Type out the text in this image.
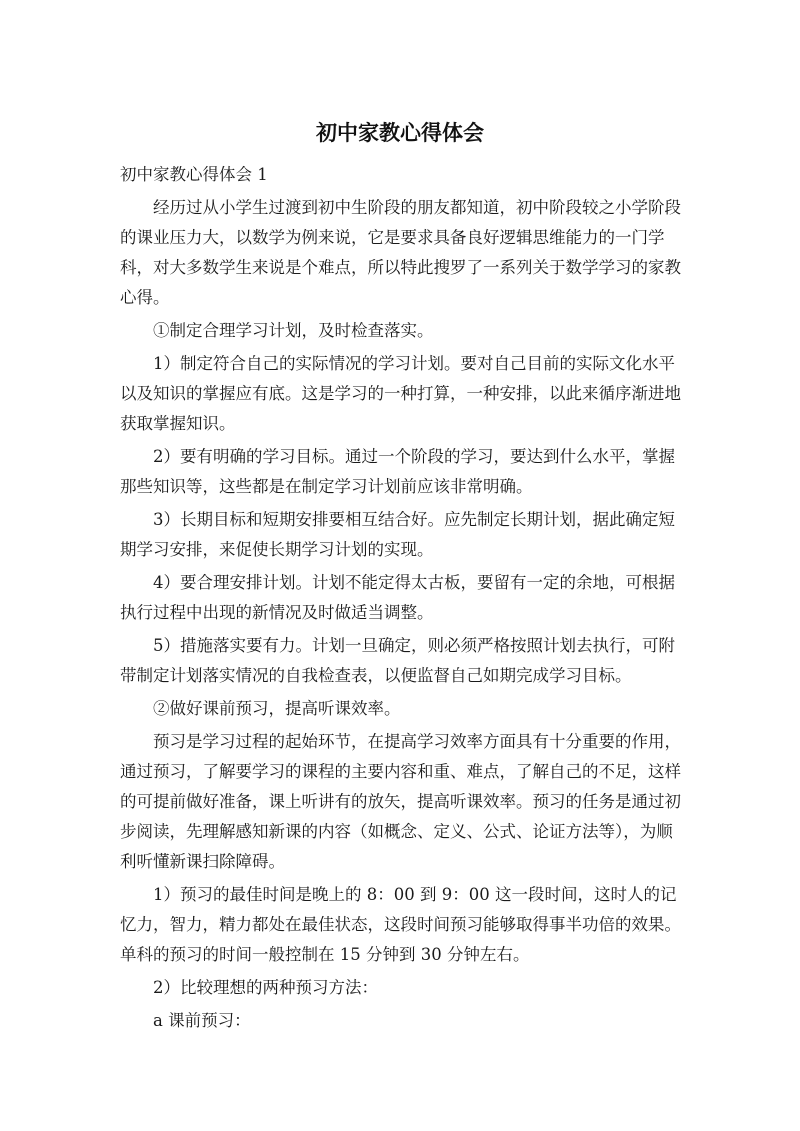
初中家教心得体会

初中家教心得体会 1

经历过从小学生过渡到初中生阶段的朋友都知道，初中阶段较之小学阶段的课业压力大，以数学为例来说，它是要求具备良好逻辑思维能力的一门学科，对大多数学生来说是个难点，所以特此搜罗了一系列关于数学学习的家教心得。

①制定合理学习计划，及时检查落实。

1）制定符合自己的实际情况的学习计划。要对自己目前的实际文化水平以及知识的掌握应有底。这是学习的一种打算，一种安排，以此来循序渐进地获取掌握知识。

2）要有明确的学习目标。通过一个阶段的学习，要达到什么水平，掌握那些知识等，这些都是在制定学习计划前应该非常明确。

3）长期目标和短期安排要相互结合好。应先制定长期计划，据此确定短期学习安排，来促使长期学习计划的实现。

4）要合理安排计划。计划不能定得太古板，要留有一定的余地，可根据执行过程中出现的新情况及时做适当调整。

5）措施落实要有力。计划一旦确定，则必须严格按照计划去执行，可附带制定计划落实情况的自我检查表，以便监督自己如期完成学习目标。

②做好课前预习，提高听课效率。

预习是学习过程的起始环节，在提高学习效率方面具有十分重要的作用，通过预习，了解要学习的课程的主要内容和重、难点，了解自己的不足，这样的可提前做好准备，课上听讲有的放矢，提高听课效率。预习的任务是通过初步阅读，先理解感知新课的内容（如概念、定义、公式、论证方法等），为顺利听懂新课扫除障碍。

1）预习的最佳时间是晚上的 8：00 到 9：00 这一段时间，这时人的记忆力，智力，精力都处在最佳状态，这段时间预习能够取得事半功倍的效果。单科的预习的时间一般控制在 15 分钟到 30 分钟左右。

2）比较理想的两种预习方法：

a 课前预习：
